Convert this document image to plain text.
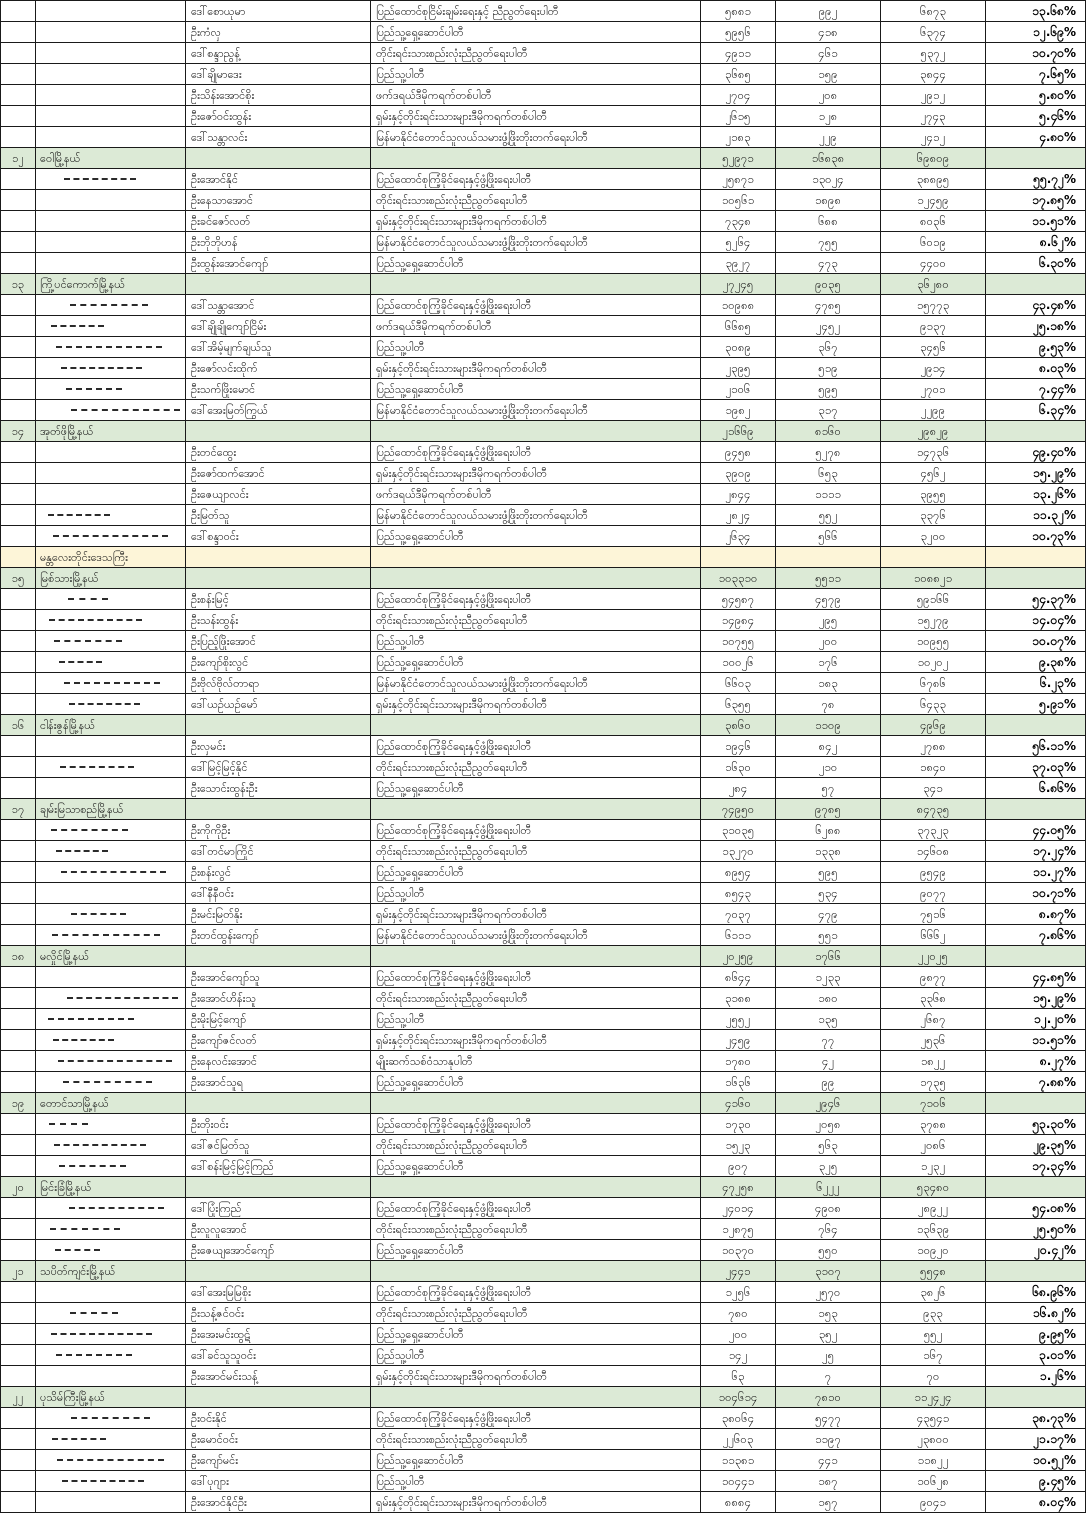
		ဒေါ်စောယုမာ	ပြည်ထောင်စုငြိမ်းချမ်းရေးနှင့် ညီညွတ်ရေးပါတီ	၅၈၈၁	၉၉၂	၆၈၇၃	၁၃.၆၈%
		ဦးကံလှ	ပြည်သူ့ရှေ့ဆောင်ပါတီ	၅၉၅၆	၄၁၈	၆၃၇၄	၁၂.၆၉%
		ဒေါ်စန္ဒာညွန့်	တိုင်းရင်းသားစည်းလုံးညီညွတ်ရေးပါတီ	၄၉၁၁	၄၆၁	၅၃၇၂	၁၀.၇၀%
		ဒေါ်ချိုမာဒေး	ပြည်သူ့ပါတီ	၃၆၈၅	၁၅၉	၃၈၄၄	၇.၆၅%
		ဦးသိန်းအောင်စိုး	ဖက်ဒရယ်ဒီမိုကရက်တစ်ပါတီ	၂၇၀၄	၂၀၈	၂၉၁၂	၅.၈၀%
		ဦးဇော်ဝင်းထွန်း	ရှမ်းနှင့်တိုင်းရင်းသားများဒီမိုကရက်တစ်ပါတီ	၂၆၁၅	၁၂၈	၂၇၄၃	၅.၄၆%
		ဒေါ်သန္တာလင်း	မြန်မာနိုင်ငံတောင်သူလယ်သမားဖွံ့ဖြိုးတိုးတက်ရေးပါတီ	၂၁၈၃	၂၂၉	၂၄၁၂	၄.၈၀%
၁၂	ဝေါမြို့နယ်			၅၂၉၇၁	၁၆၈၃၈	၆၉၈၀၉	

	ဦးအောင်နိုင်	ပြည်ထောင်စုကြံ့ခိုင်ရေးနှင့်ဖွံ့ဖြိုးရေးပါတီ	၂၅၈၇၁	၁၃၀၂၄	၃၈၈၉၅	၅၅.၇၂%
		ဦးနေသာအောင်	တိုင်းရင်းသားစည်းလုံးညီညွတ်ရေးပါတီ	၁၀၅၆၁	၁၈၉၈	၁၂၄၅၉	၁၇.၈၅%
		ဦးခင်ဇော်လတ်	ရှမ်းနှင့်တိုင်းရင်းသားများဒီမိုကရက်တစ်ပါတီ	၇၃၄၈	၆၈၈	၈၀၃၆	၁၁.၅၁%
		ဦးဘိုဘိုဟန်	မြန်မာနိုင်ငံတောင်သူလယ်သမားဖွံ့ဖြိုးတိုးတက်ရေးပါတီ	၅၂၆၄	၇၅၅	၆၀၁၉	၈.၆၂%
		ဦးထွန်းအောင်ကျော်	ပြည်သူ့ရှေ့ဆောင်ပါတီ	၃၉၂၇	၄၇၃	၄၄၀၀	၆.၃၀%
၁၃	ကြို့ပင်ကောက်မြို့နယ်			၂၇၂၄၅	၉၀၃၅	၃၆၂၈၀	

	ဒေါ်သန္တာအောင်	ပြည်ထောင်စုကြံ့ခိုင်ရေးနှင့်ဖွံ့ဖြိုးရေးပါတီ	၁၀၉၈၈	၄၇၈၅	၁၅၇၇၃	၄၃.၄၈%

	ဒေါ်ချိုချိုကျော်ငြိမ်း	ဖက်ဒရယ်ဒီမိုကရက်တစ်ပါတီ	၆၆၈၅	၂၄၅၂	၉၁၃၇	၂၅.၁၈%

	ဒေါ်အိမ့်မျက်ချယ်သူ	ပြည်သူ့ပါတီ	၃၀၈၉	၃၆၇	၃၄၅၆	၉.၅၃%

	ဦးဇော်လင်းထိုက်	ရှမ်းနှင့်တိုင်းရင်းသားများဒီမိုကရက်တစ်ပါတီ	၂၃၉၅	၅၁၉	၂၉၁၄	၈.၀၃%

	ဦးသက်ဖြိုးမောင်	ပြည်သူ့ရှေ့ဆောင်ပါတီ	၂၁၀၆	၅၉၅	၂၇၀၁	၇.၄၄%

	ဒေါ်အေးမြတ်ကြွယ်	မြန်မာနိုင်ငံတောင်သူလယ်သမားဖွံ့ဖြိုးတိုးတက်ရေးပါတီ	၁၉၈၂	၃၁၇	၂၂၉၉	၆.၃၄%
၁၄	အုတ်ဖိုမြို့နယ်			၂၁၆၆၉	၈၁၆၀	၂၉၈၂၉	
		ဦးတင်ထွေး	ပြည်ထောင်စုကြံ့ခိုင်ရေးနှင့်ဖွံ့ဖြိုးရေးပါတီ	၉၄၅၈	၅၂၇၈	၁၄၇၃၆	၄၉.၄၀%
		ဦးဇော်ထက်အောင်	ရှမ်းနှင့်တိုင်းရင်းသားများဒီမိုကရက်တစ်ပါတီ	၃၉၀၉	၆၅၃	၄၅၆၂	၁၅.၂၉%
		ဦးဇေယျာလင်း	ဖက်ဒရယ်ဒီမိုကရက်တစ်ပါတီ	၂၈၄၄	၁၁၁၁	၃၉၅၅	၁၃.၂၆%

	ဦးမြတ်သူ	မြန်မာနိုင်ငံတောင်သူလယ်သမားဖွံ့ဖြိုးတိုးတက်ရေးပါတီ	၂၈၂၄	၅၅၂	၃၃၇၆	၁၁.၃၂%

	ဒေါ်စန္ဒာဝင်း	ပြည်သူ့ရှေ့ဆောင်ပါတီ	၂၆၃၄	၅၆၆	၃၂၀၀	၁၀.၇၃%
	မန္တလေးတိုင်းဒေသကြီး						
၁၅	မြစ်သားမြို့နယ်			၁၀၃၃၁၀	၅၅၁၁	၁၀၈၈၂၁	

	ဦးစန်းမြင့်	ပြည်ထောင်စုကြံ့ခိုင်ရေးနှင့်ဖွံ့ဖြိုးရေးပါတီ	၅၄၅၈၇	၄၅၇၉	၅၉၁၆၆	၅၄.၃၇%

	ဦးသန်းထွန်း	တိုင်းရင်းသားစည်းလုံးညီညွတ်ရေးပါတီ	၁၄၉၈၄	၂၉၅	၁၅၂၇၉	၁၄.၀၄%

	ဦးပြည့်ဖြိုးအောင်	ပြည်သူ့ပါတီ	၁၀၇၅၅	၂၀၀	၁၀၉၅၅	၁၀.၀၇%

	ဦးကျော်စိုးလွင်	ပြည်သူ့ရှေ့ဆောင်ပါတီ	၁၀၀၂၆	၁၇၆	၁၀၂၀၂	၉.၃၈%

	ဦးဗိုလ်ဗိုလ်တာရာ	မြန်မာနိုင်ငံတောင်သူလယ်သမားဖွံ့ဖြိုးတိုးတက်ရေးပါတီ	၆၆၀၃	၁၈၃	၆၇၈၆	၆.၂၃%

	ဒေါ်ယဉ်ယဉ်မော်	ရှမ်းနှင့်တိုင်းရင်းသားများဒီမိုကရက်တစ်ပါတီ	၆၃၅၅	၇၈	၆၄၃၃	၅.၉၁%
၁၆	ငါန်းဇွန်မြို့နယ်			၃၈၆၀	၁၁၀၉	၄၉၆၉	
		ဦးလှမင်း	ပြည်ထောင်စုကြံ့ခိုင်ရေးနှင့်ဖွံ့ဖြိုးရေးပါတီ	၁၉၄၆	၈၄၂	၂၇၈၈	၅၆.၁၁%

	ဒေါ်မြင့်မြင့်နိုင်	တိုင်းရင်းသားစည်းလုံးညီညွတ်ရေးပါတီ	၁၆၃၀	၂၁၀	၁၈၄၀	၃၇.၀၃%
		ဦးသောင်းထွန်းဦး	ပြည်သူ့ရှေ့ဆောင်ပါတီ	၂၈၄	၅၇	၃၄၁	၆.၈၆%
၁၇	ချမ်းမြသာစည်မြို့နယ်			၇၄၉၅၀	၉၇၈၅	၈၄၇၃၅	

	ဦးကိုကိုဦး	ပြည်ထောင်စုကြံ့ခိုင်ရေးနှင့်ဖွံ့ဖြိုးရေးပါတီ	၃၁၀၃၅	၆၂၈၈	၃၇၃၂၃	၄၄.၀၅%

	ဒေါ်တင်မာကြိုင်	တိုင်းရင်းသားစည်းလုံးညီညွတ်ရေးပါတီ	၁၃၂၇၀	၁၃၃၈	၁၄၆၀၈	၁၇.၂၄%

	ဦးစန်းလွင်	ပြည်သူ့ရှေ့ဆောင်ပါတီ	၈၉၅၄	၅၉၅	၉၅၄၉	၁၁.၂၇%
		ဒေါ်နီနီဝင်း	ပြည်သူ့ပါတီ	၈၅၄၃	၅၃၄	၉၀၇၇	၁၀.၇၁%

	ဦးမင်းမြတ်နိုး	ရှမ်းနှင့်တိုင်းရင်းသားများဒီမိုကရက်တစ်ပါတီ	၇၀၃၇	၄၇၉	၇၅၁၆	၈.၈၇%

	ဦးတင်ထွန်းကျော်	မြန်မာနိုင်ငံတောင်သူလယ်သမားဖွံ့ဖြိုးတိုးတက်ရေးပါတီ	၆၁၁၁	၅၅၁	၆၆၆၂	၇.၈၆%
၁၈	မလှိုင်မြို့နယ်			၂၀၂၅၉	၁၇၆၆	၂၂၀၂၅	
		ဦးအောင်ကျော်သူ	ပြည်ထောင်စုကြံ့ခိုင်ရေးနှင့်ဖွံ့ဖြိုးရေးပါတီ	၈၆၄၄	၁၂၃၃	၉၈၇၇	၄၄.၈၅%

	ဦးအောင်ဟိန်းသူ	တိုင်းရင်းသားစည်းလုံးညီညွတ်ရေးပါတီ	၃၁၈၈	၁၈၀	၃၃၆၈	၁၅.၂၉%

	ဦးမိုးမြင့်ကျော်	ပြည်သူ့ပါတီ	၂၅၅၂	၁၃၅	၂၆၈၇	၁၂.၂၀%

	ဦးကျော်ဇင်လတ်	ရှမ်းနှင့်တိုင်းရင်းသားများဒီမိုကရက်တစ်ပါတီ	၂၄၅၉	၇၇	၂၅၃၆	၁၁.၅၁%

	ဦးနေလင်းအောင်	မျိုးဆက်သစ်ဝံသာနုပါတီ	၁၇၈၀	၄၂	၁၈၂၂	၈.၂၇%

	ဦးအောင်သူရ	ပြည်သူ့ရှေ့ဆောင်ပါတီ	၁၆၃၆	၉၉	၁၇၃၅	၇.၈၈%
၁၉	တောင်သာမြို့နယ်			၄၁၆၀	၂၉၄၆	၇၁၀၆	

	ဦးတိုးဝင်း	ပြည်ထောင်စုကြံ့ခိုင်ရေးနှင့်ဖွံ့ဖြိုးရေးပါတီ	၁၇၃၀	၂၀၅၈	၃၇၈၈	၅၃.၃၀%

	ဒေါ်ဇင်မြတ်သူ	တိုင်းရင်းသားစည်းလုံးညီညွတ်ရေးပါတီ	၁၅၂၃	၅၆၃	၂၀၈၆	၂၉.၃၅%

	ဒေါ်စန်းမြင့်မြင့်ကြည်	ပြည်သူ့ရှေ့ဆောင်ပါတီ	၉၀၇	၃၂၅	၁၂၃၂	၁၇.၃၄%
၂၀	မြင်းခြံမြို့နယ်			၄၇၂၅၈	၆၂၂၂	၅၃၄၈၀	

	ဒေါ်ပြုံးကြည်	ပြည်ထောင်စုကြံ့ခိုင်ရေးနှင့်ဖွံ့ဖြိုးရေးပါတီ	၂၄၀၁၄	၄၉၀၈	၂၈၉၂၂	၅၄.၀၈%

	ဦးလူလူအောင်	တိုင်းရင်းသားစည်းလုံးညီညွတ်ရေးပါတီ	၁၂၈၇၅	၇၆၄	၁၃၆၃၉	၂၅.၅၀%

	ဦးဇေယျအောင်ကျော်	ပြည်သူ့ရှေ့ဆောင်ပါတီ	၁၀၃၇၀	၅၅၀	၁၀၉၂၀	၂၀.၄၂%
၂၁	သပိတ်ကျင်းမြို့နယ်			၂၄၄၁	၃၁၀၇	၅၅၄၈	
		ဒေါ်အေးမြမြစိုး	ပြည်ထောင်စုကြံ့ခိုင်ရေးနှင့်ဖွံ့ဖြိုးရေးပါတီ	၁၂၅၆	၂၅၇၀	၃၈၂၆	၆၈.၉၆%

	ဦးသန့်ဇင်ဝင်း	တိုင်းရင်းသားစည်းလုံးညီညွတ်ရေးပါတီ	၇၈၀	၁၅၃	၉၃၃	၁၆.၈၂%

	ဦးအေးမင်းထွဋ်	ပြည်သူ့ရှေ့ဆောင်ပါတီ	၂၀၀	၃၅၂	၅၅၂	၉.၉၅%

	ဒေါ်ခင်သူသူဝင်း	ပြည်သူ့ပါတီ	၁၄၂	၂၅	၁၆၇	၃.၀၁%
		ဦးအောင်မင်းသန့်	ရှမ်းနှင့်တိုင်းရင်းသားများဒီမိုကရက်တစ်ပါတီ	၆၃	၇	၇၀	၁.၂၆%
၂၂	ပုသိမ်ကြီးမြို့နယ်			၁၀၄၆၁၄	၇၈၁၀	၁၁၂၄၂၄	

	ဦးဝင်းနိုင်	ပြည်ထောင်စုကြံ့ခိုင်ရေးနှင့်ဖွံ့ဖြိုးရေးပါတီ	၃၈၀၆၄	၅၄၇၇	၄၃၅၄၁	၃၈.၇၃%

	ဦးမောင်ဝင်း	တိုင်းရင်းသားစည်းလုံးညီညွတ်ရေးပါတီ	၂၂၆၀၃	၁၁၉၇	၂၃၈၀၀	၂၁.၁၇%

	ဦးကျော်မင်း	ပြည်သူ့ရှေ့ဆောင်ပါတီ	၁၁၃၈၁	၄၄၁	၁၁၈၂၂	၁၀.၅၂%

	ဒေါ်ပုဂျား	ပြည်သူ့ပါတီ	၁၀၄၄၁	၁၈၇	၁၀၆၂၈	၉.၄၅%
		ဦးအောင်နိုင်ဦး	ရှမ်းနှင့်တိုင်းရင်းသားများဒီမိုကရက်တစ်ပါတီ	၈၈၈၄	၁၅၇	၉၀၄၁	၈.၀၄%
